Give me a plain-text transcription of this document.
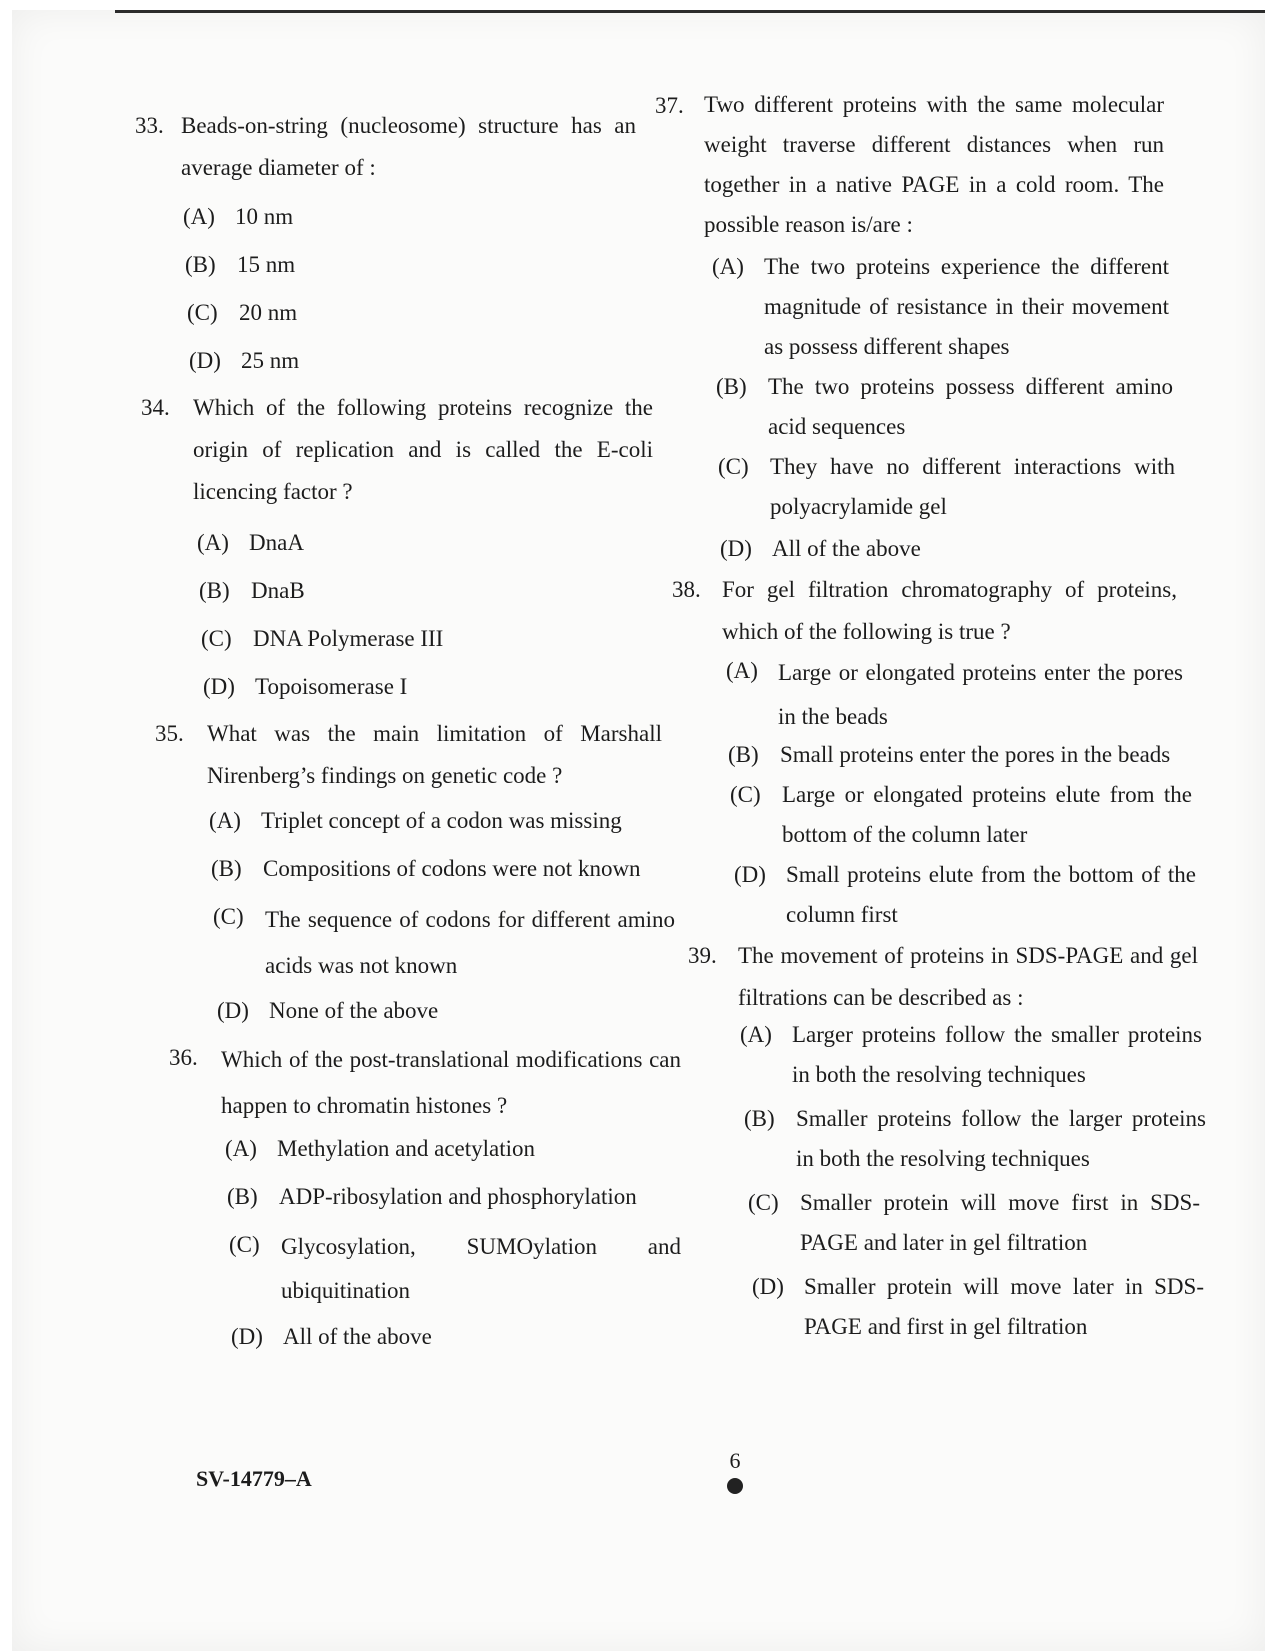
33. Beads-on-string (nucleosome) structure has an average diameter of :
(A) 10 nm
(B) 15 nm
(C) 20 nm
(D) 25 nm
34.	Which of the following proteins recognize the origin of replication and is called the E-coli licencing factor ?
(A) DnaA
(B) DnaB
(C) DNA Polymerase III
(D) Topoisomerase I
35.	What was the main limitation of Marshall Nirenberg’s findings on genetic code ?
(A) Triplet concept of a codon was missing
(B) Compositions of codons were not known
(C) The sequence of codons for different amino acids was not known
(D) None of the above
36.	Which of the post-translational modifications can happen to chromatin histones ?
(A) Methylation and acetylation
(B) ADP-ribosylation and phosphorylation
(C) Glycosylation, SUMOylation and ubiquitination
(D) All of the above
37. Two different proteins with the same molecular weight traverse different distances when run together in a native PAGE in a cold room. The possible reason is/are :
(A) The two proteins experience the different magnitude of resistance in their movement as possess different shapes
(B) The two proteins possess different amino acid sequences
(C) They have no different interactions with polyacrylamide gel
(D) All of the above
38. For gel filtration chromatography of proteins, which of the following is true ?
(A) Large or elongated proteins enter the pores in the beads
(B) Small proteins enter the pores in the beads
(C) Large or elongated proteins elute from the bottom of the column later
(D) Small proteins elute from the bottom of the column first
39. The movement of proteins in SDS-PAGE and gel filtrations can be described as :
(A) Larger proteins follow the smaller proteins in both the resolving techniques
(B) Smaller proteins follow the larger proteins in both the resolving techniques
(C) Smaller protein will move first in SDS-PAGE and later in gel filtration
(D) Smaller protein will move later in SDS-PAGE and first in gel filtration
SV-14779–A
6
